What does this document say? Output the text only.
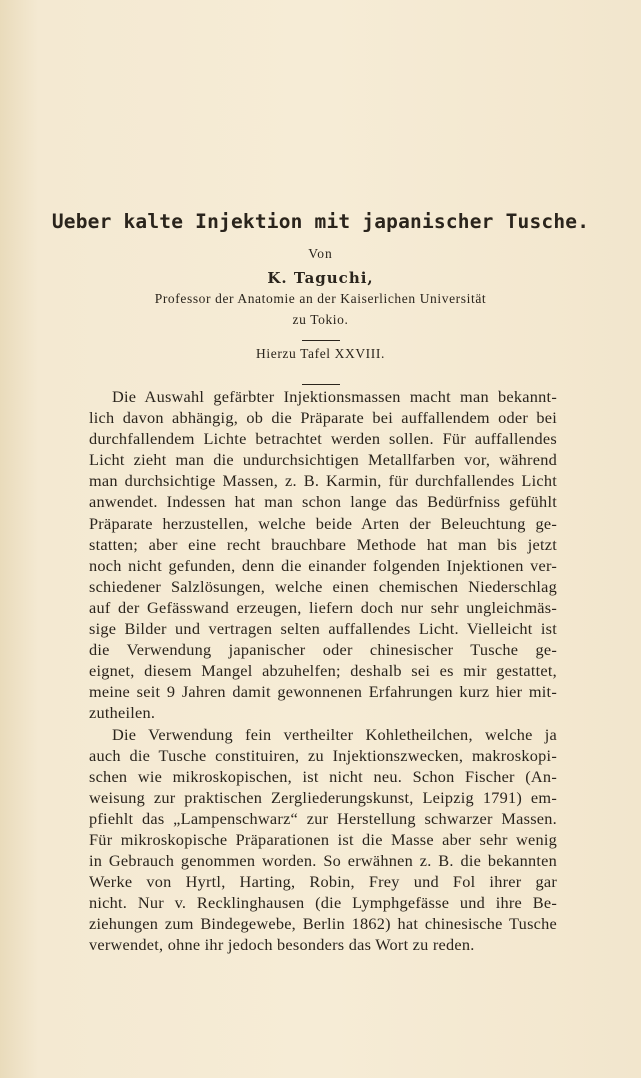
Ueber kalte Injektion mit japanischer Tusche.
Von
K. Taguchi,
Professor der Anatomie an der Kaiserlichen Universität
zu Tokio.
Hierzu Tafel XXVIII.
Die Auswahl gefärbter Injektionsmassen macht man bekannt-
lich davon abhängig, ob die Präparate bei auffallendem oder bei
durchfallendem Lichte betrachtet werden sollen. Für auffallendes
Licht zieht man die undurchsichtigen Metallfarben vor, während
man durchsichtige Massen, z. B. Karmin, für durchfallendes Licht
anwendet. Indessen hat man schon lange das Bedürfniss gefühlt
Präparate herzustellen, welche beide Arten der Beleuchtung ge-
statten; aber eine recht brauchbare Methode hat man bis jetzt
noch nicht gefunden, denn die einander folgenden Injektionen ver-
schiedener Salzlösungen, welche einen chemischen Niederschlag
auf der Gefässwand erzeugen, liefern doch nur sehr ungleichmäs-
sige Bilder und vertragen selten auffallendes Licht. Vielleicht ist
die Verwendung japanischer oder chinesischer Tusche ge-
eignet, diesem Mangel abzuhelfen; deshalb sei es mir gestattet,
meine seit 9 Jahren damit gewonnenen Erfahrungen kurz hier mit-
zutheilen.
Die Verwendung fein vertheilter Kohletheilchen, welche ja
auch die Tusche constituiren, zu Injektionszwecken, makroskopi-
schen wie mikroskopischen, ist nicht neu. Schon Fischer (An-
weisung zur praktischen Zergliederungskunst, Leipzig 1791) em-
pfiehlt das „Lampenschwarz“ zur Herstellung schwarzer Massen.
Für mikroskopische Präparationen ist die Masse aber sehr wenig
in Gebrauch genommen worden. So erwähnen z. B. die bekannten
Werke von Hyrtl, Harting, Robin, Frey und Fol ihrer gar
nicht. Nur v. Recklinghausen (die Lymphgefässe und ihre Be-
ziehungen zum Bindegewebe, Berlin 1862) hat chinesische Tusche
verwendet, ohne ihr jedoch besonders das Wort zu reden.
